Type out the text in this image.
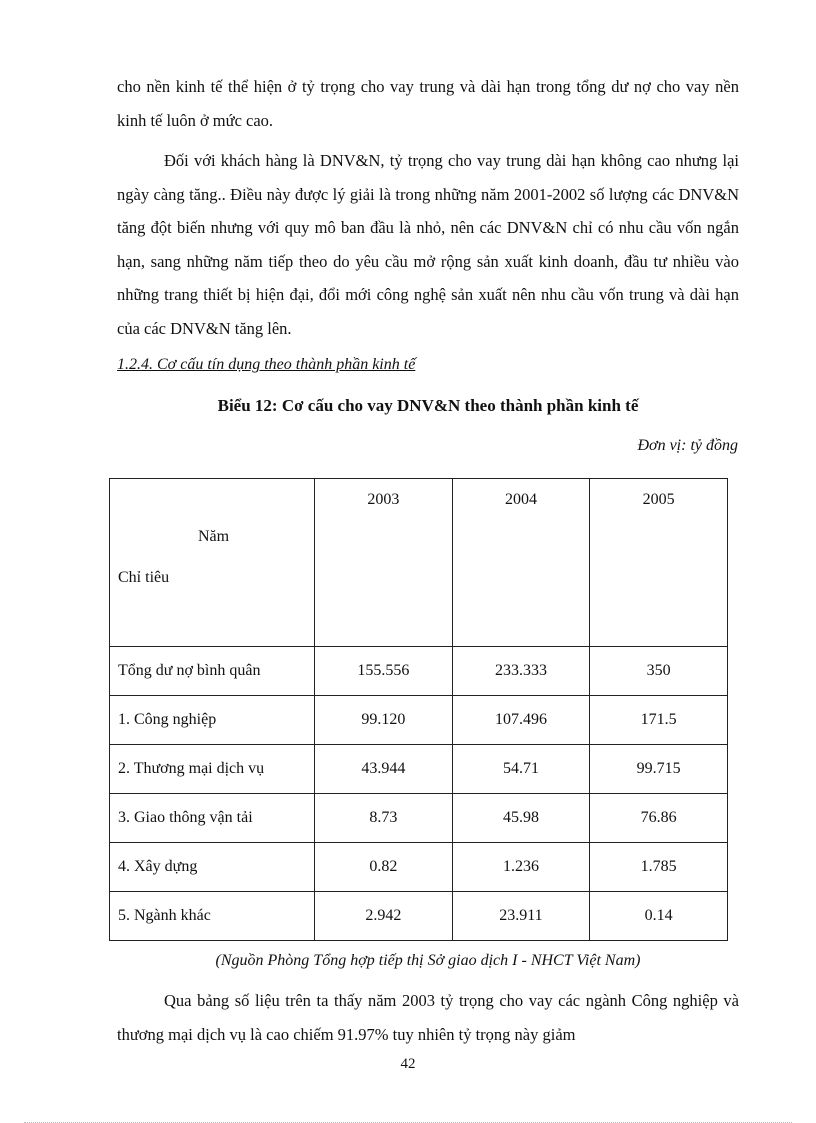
cho nền kinh tế thể hiện ở tỷ trọng cho vay trung và dài hạn trong tổng dư nợ cho vay nền kinh tế luôn ở mức cao.

Đối với khách hàng là DNV&N, tỷ trọng cho vay trung dài hạn không cao nhưng lại ngày càng tăng.. Điều này được lý giải là trong những năm 2001-2002 số lượng các DNV&N tăng đột biến nhưng với quy mô ban đầu là nhỏ, nên các DNV&N chỉ có nhu cầu vốn ngắn hạn, sang những năm tiếp theo do yêu cầu mở rộng sản xuất kinh doanh, đầu tư nhiều vào những trang thiết bị hiện đại, đổi mới công nghệ sản xuất nên nhu cầu vốn trung và dài hạn của các DNV&N tăng lên.

1.2.4. Cơ cấu tín dụng theo thành phần kinh tế

Biểu 12: Cơ cấu cho vay DNV&N theo thành phần kinh tế

Đơn vị: tỷ đồng
Năm
Chỉ tiêu	2003	2004	2005
Tổng dư nợ bình quân	155.556	233.333	350
1. Công nghiệp	99.120	107.496	171.5
2. Thương mại dịch vụ	43.944	54.71	99.715
3. Giao thông vận tải	8.73	45.98	76.86
4. Xây dựng	0.82	1.236	1.785
5. Ngành khác	2.942	23.911	0.14

(Nguồn Phòng Tổng hợp tiếp thị Sở giao dịch I - NHCT Việt Nam)

Qua bảng số liệu trên ta thấy năm 2003 tỷ trọng cho vay các ngành Công nghiệp và thương mại dịch vụ là cao chiếm 91.97% tuy nhiên tỷ trọng này giảm

42
